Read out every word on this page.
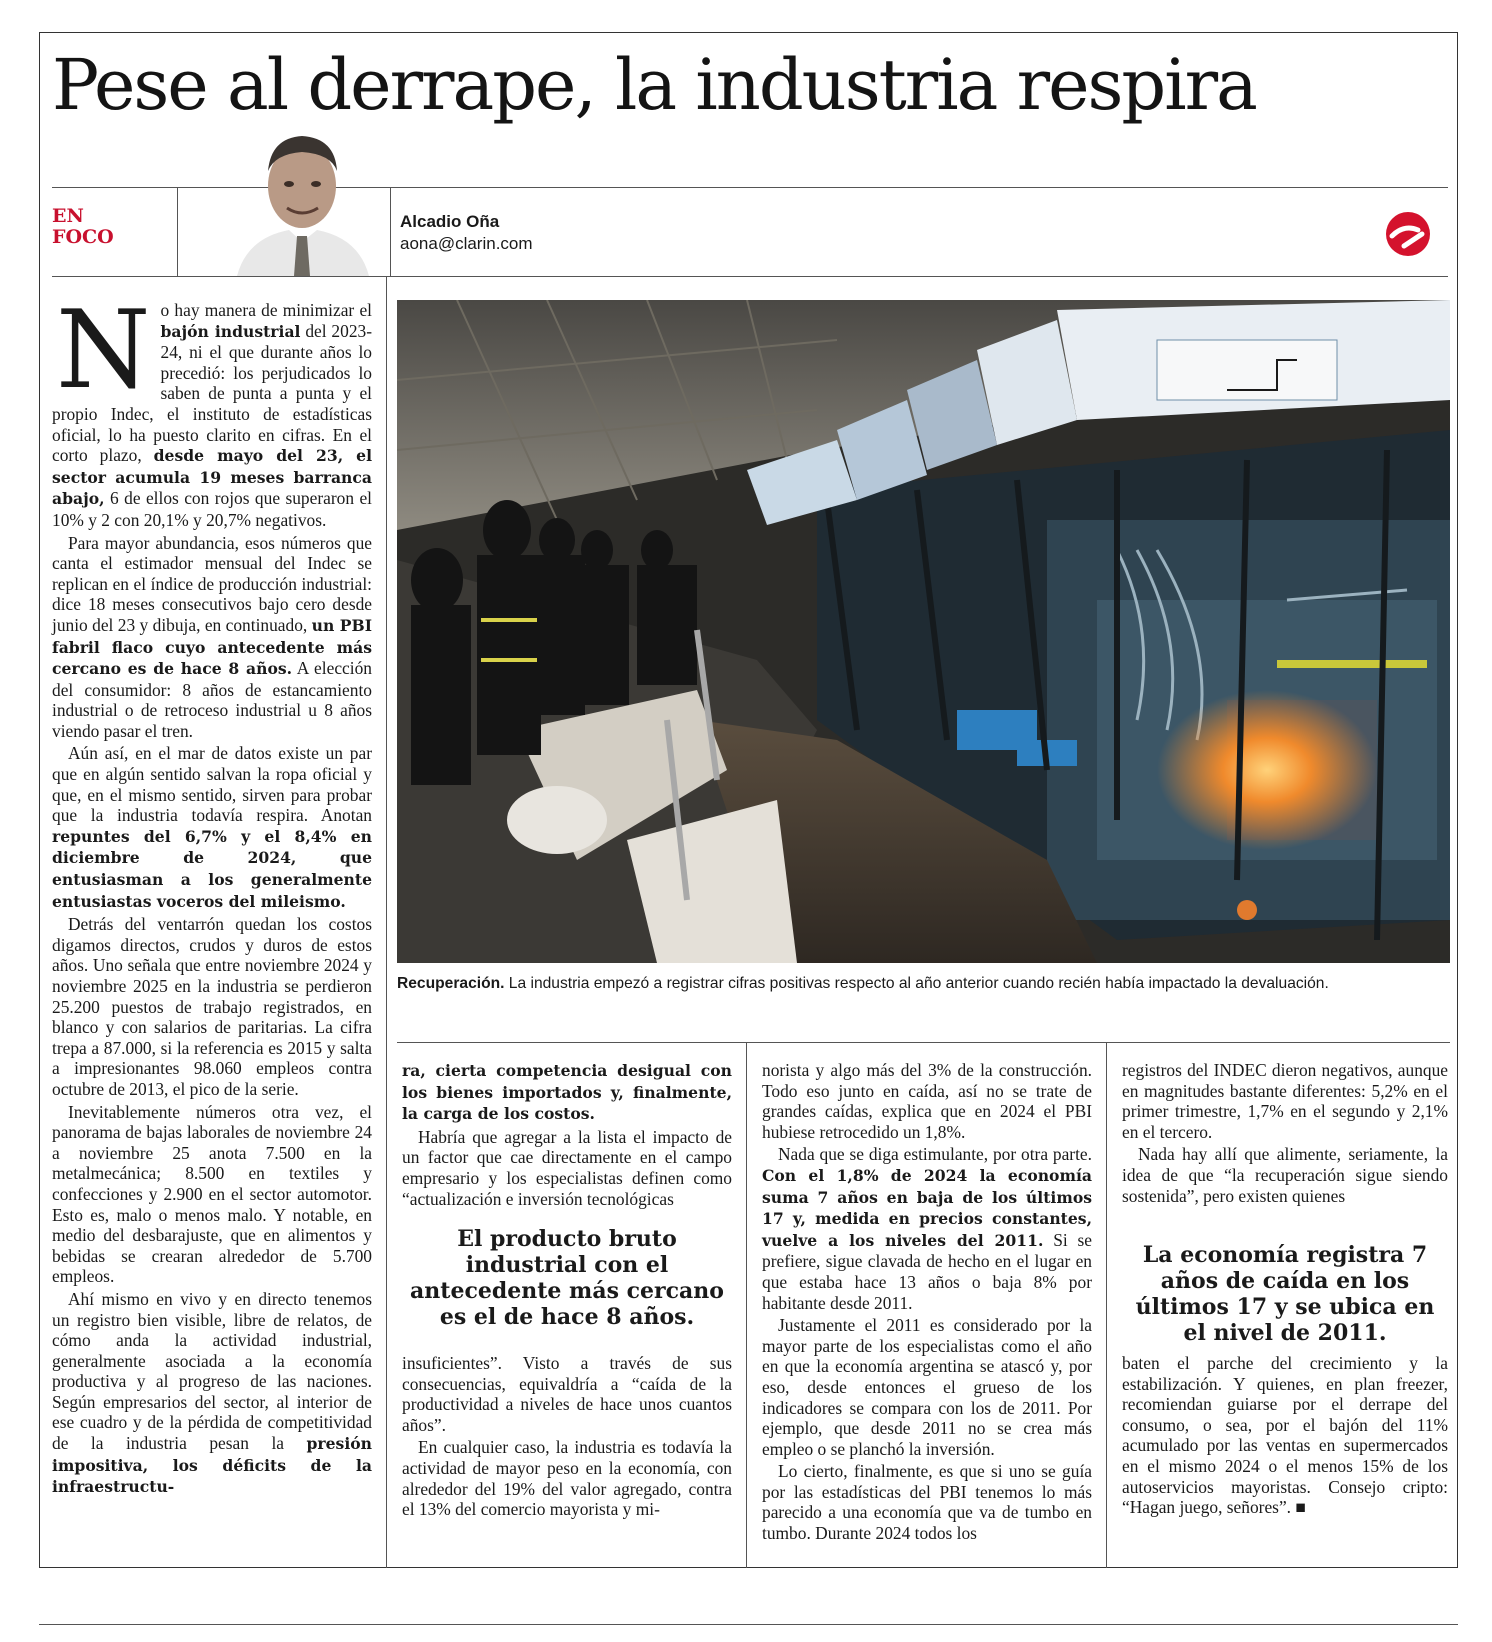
Pese al derrape, la industria respira
EN
FOCO
Alcadio Oña
aona@clarin.com

No hay manera de minimizar el bajón industrial del 2023-24, ni el que durante años lo precedió: los perjudicados lo saben de punta a punta y el propio Indec, el instituto de estadísticas oficial, lo ha puesto clarito en cifras. En el corto plazo, desde mayo del 23, el sector acumula 19 meses barranca abajo, 6 de ellos con rojos que superaron el 10% y 2 con 20,1% y 20,7% negativos.

Para mayor abundancia, esos números que canta el estimador mensual del Indec se replican en el índice de producción industrial: dice 18 meses consecutivos bajo cero desde junio del 23 y dibuja, en continuado, un PBI fabril flaco cuyo antecedente más cercano es de hace 8 años. A elección del consumidor: 8 años de estancamiento industrial o de retroceso industrial u 8 años viendo pasar el tren.

Aún así, en el mar de datos existe un par que en algún sentido salvan la ropa oficial y que, en el mismo sentido, sirven para probar que la industria todavía respira. Anotan repuntes del 6,7% y el 8,4% en diciembre de 2024, que entusiasman a los generalmente entusiastas voceros del mileismo.

Detrás del ventarrón quedan los costos digamos directos, crudos y duros de estos años. Uno señala que entre noviembre 2024 y noviembre 2025 en la industria se perdieron 25.200 puestos de trabajo registrados, en blanco y con salarios de paritarias. La cifra trepa a 87.000, si la referencia es 2015 y salta a impresionantes 98.060 empleos contra octubre de 2013, el pico de la serie.

Inevitablemente números otra vez, el panorama de bajas laborales de noviembre 24 a noviembre 25 anota 7.500 en la metalmecánica; 8.500 en textiles y confecciones y 2.900 en el sector automotor. Esto es, malo o menos malo. Y notable, en medio del desbarajuste, que en alimentos y bebidas se crearan alrededor de 5.700 empleos.

Ahí mismo en vivo y en directo tenemos un registro bien visible, libre de relatos, de cómo anda la actividad industrial, generalmente asociada a la economía productiva y al progreso de las naciones. Según empresarios del sector, al interior de ese cuadro y de la pérdida de competitividad de la industria pesan la presión impositiva, los déficits de la infraestructu-

Recuperación. La industria empezó a registrar cifras positivas respecto al año anterior cuando recién había impactado la devaluación.

ra, cierta competencia desigual con los bienes importados y, finalmente, la carga de los costos.

Habría que agregar a la lista el impacto de un factor que cae directamente en el campo empresario y los especialistas definen como “actualización e inversión tecnológicas

El producto bruto industrial con el antecedente más cercano es el de hace 8 años.

insuficientes”. Visto a través de sus consecuencias, equivaldría a “caída de la productividad a niveles de hace unos cuantos años”.

En cualquier caso, la industria es todavía la actividad de mayor peso en la economía, con alrededor del 19% del valor agregado, contra el 13% del comercio mayorista y mi-

norista y algo más del 3% de la construcción. Todo eso junto en caída, así no se trate de grandes caídas, explica que en 2024 el PBI hubiese retrocedido un 1,8%.

Nada que se diga estimulante, por otra parte. Con el 1,8% de 2024 la economía suma 7 años en baja de los últimos 17 y, medida en precios constantes, vuelve a los niveles del 2011. Si se prefiere, sigue clavada de hecho en el lugar en que estaba hace 13 años o baja 8% por habitante desde 2011.

Justamente el 2011 es considerado por la mayor parte de los especialistas como el año en que la economía argentina se atascó y, por eso, desde entonces el grueso de los indicadores se compara con los de 2011. Por ejemplo, que desde 2011 no se crea más empleo o se planchó la inversión.

Lo cierto, finalmente, es que si uno se guía por las estadísticas del PBI tenemos lo más parecido a una economía que va de tumbo en tumbo. Durante 2024 todos los

registros del INDEC dieron negativos, aunque en magnitudes bastante diferentes: 5,2% en el primer trimestre, 1,7% en el segundo y 2,1% en el tercero.

Nada hay allí que alimente, seriamente, la idea de que “la recuperación sigue siendo sostenida”, pero existen quienes

La economía registra 7 años de caída en los últimos 17 y se ubica en el nivel de 2011.

baten el parche del crecimiento y la estabilización. Y quienes, en plan freezer, recomiendan guiarse por el derrape del consumo, o sea, por el bajón del 11% acumulado por las ventas en supermercados en el mismo 2024 o el menos 15% de los autoservicios mayoristas. Consejo cripto: “Hagan juego, señores”. ■
